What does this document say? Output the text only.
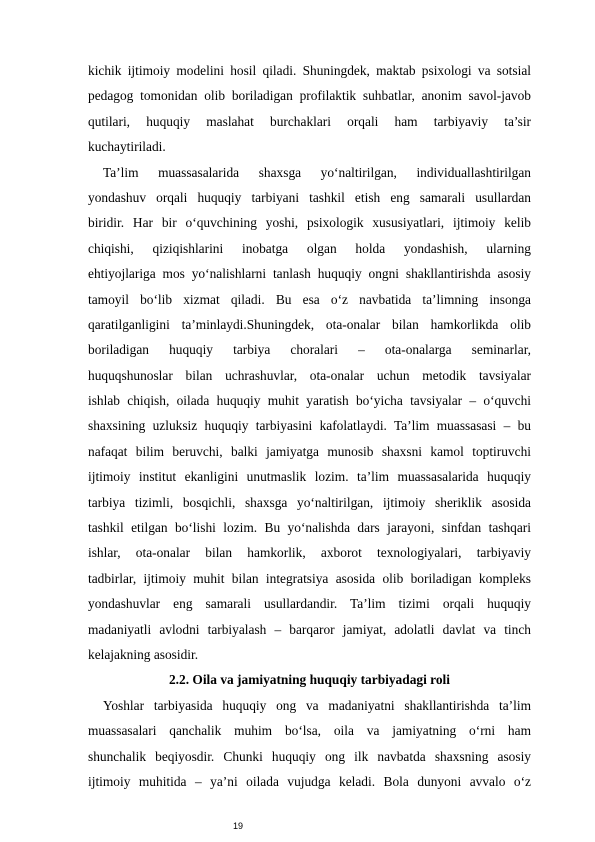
kichik ijtimoiy modelini hosil qiladi. Shuningdek, maktab psixologi va sotsial
pedagog tomonidan olib boriladigan profilaktik suhbatlar, anonim savol-javob
qutilari, huquqiy maslahat burchaklari orqali ham tarbiyaviy ta’sir
kuchaytiriladi.
Ta’lim muassasalarida shaxsga yo‘naltirilgan, individuallashtirilgan
yondashuv orqali huquqiy tarbiyani tashkil etish eng samarali usullardan
biridir. Har bir o‘quvchining yoshi, psixologik xususiyatlari, ijtimoiy kelib
chiqishi, qiziqishlarini inobatga olgan holda yondashish, ularning
ehtiyojlariga mos yo‘nalishlarni tanlash huquqiy ongni shakllantirishda asosiy
tamoyil bo‘lib xizmat qiladi. Bu esa o‘z navbatida ta’limning insonga
qaratilganligini ta’minlaydi.Shuningdek, ota-onalar bilan hamkorlikda olib
boriladigan huquqiy tarbiya choralari – ota-onalarga seminarlar,
huquqshunoslar bilan uchrashuvlar, ota-onalar uchun metodik tavsiyalar
ishlab chiqish, oilada huquqiy muhit yaratish bo‘yicha tavsiyalar – o‘quvchi
shaxsining uzluksiz huquqiy tarbiyasini kafolatlaydi. Ta’lim muassasasi – bu
nafaqat bilim beruvchi, balki jamiyatga munosib shaxsni kamol toptiruvchi
ijtimoiy institut ekanligini unutmaslik lozim. ta’lim muassasalarida huquqiy
tarbiya tizimli, bosqichli, shaxsga yo‘naltirilgan, ijtimoiy sheriklik asosida
tashkil etilgan bo‘lishi lozim. Bu yo‘nalishda dars jarayoni, sinfdan tashqari
ishlar, ota-onalar bilan hamkorlik, axborot texnologiyalari, tarbiyaviy
tadbirlar, ijtimoiy muhit bilan integratsiya asosida olib boriladigan kompleks
yondashuvlar eng samarali usullardandir. Ta’lim tizimi orqali huquqiy
madaniyatli avlodni tarbiyalash – barqaror jamiyat, adolatli davlat va tinch
kelajakning asosidir.
2.2. Oila va jamiyatning huquqiy tarbiyadagi roli
Yoshlar tarbiyasida huquqiy ong va madaniyatni shakllantirishda ta’lim
muassasalari qanchalik muhim bo‘lsa, oila va jamiyatning o‘rni ham
shunchalik beqiyosdir. Chunki huquqiy ong ilk navbatda shaxsning asosiy
ijtimoiy muhitida – ya’ni oilada vujudga keladi. Bola dunyoni avvalo o‘z
19
